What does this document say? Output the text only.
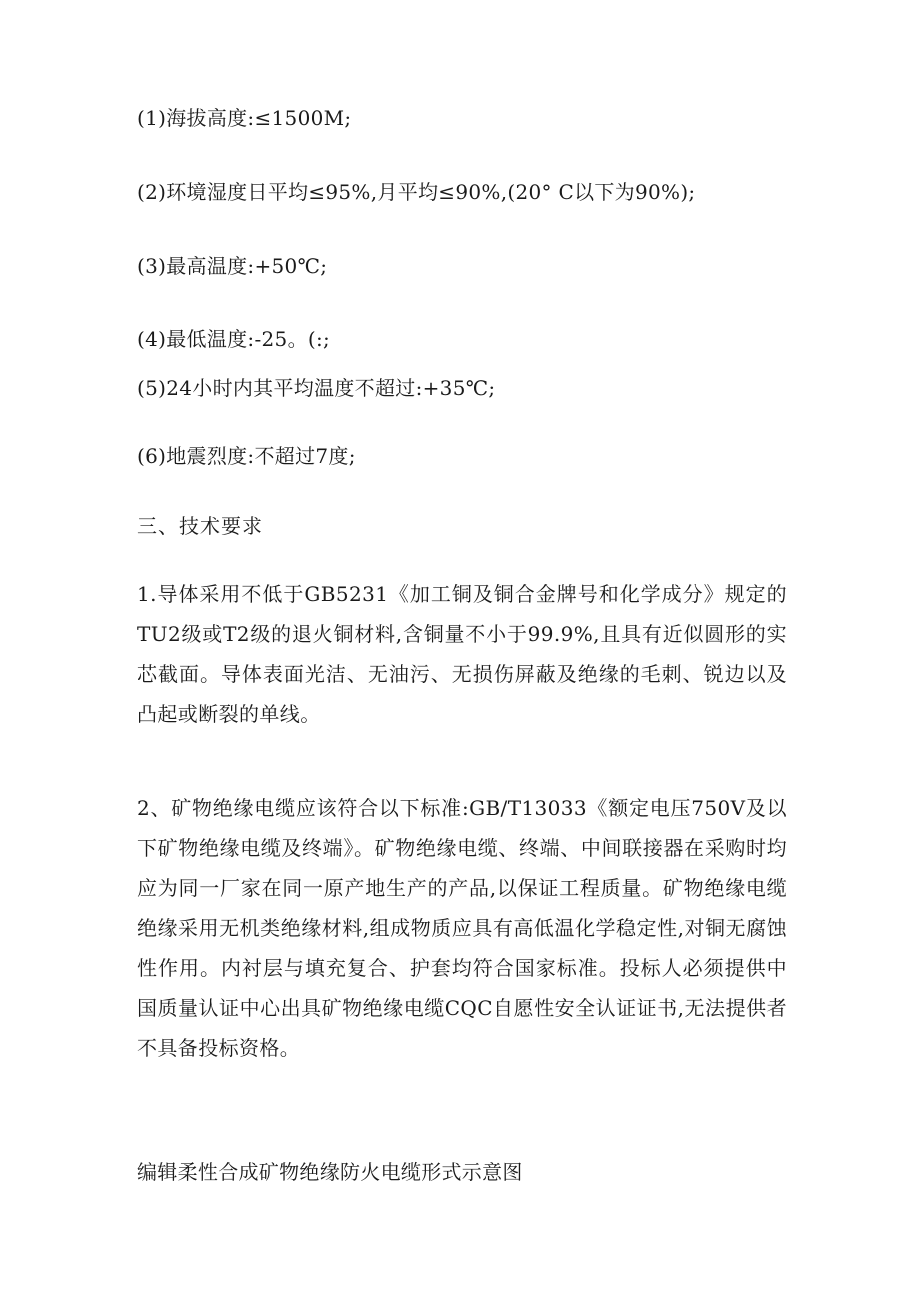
(1)海拔高度:≤1500M;
(2)环境湿度日平均≤95%,月平均≤90%,(20° C以下为90%);
(3)最高温度:+50℃;
(4)最低温度:-25。(:;
(5)24小时内其平均温度不超过:+35℃;
(6)地震烈度:不超过7度;
三、技术要求
1.导体采用不低于GB5231《加工铜及铜合金牌号和化学成分》规定的TU2级或T2级的退火铜材料,含铜量不小于99.9%,且具有近似圆形的实芯截面。导体表面光洁、无油污、无损伤屏蔽及绝缘的毛刺、锐边以及凸起或断裂的单线。
2、矿物绝缘电缆应该符合以下标准:GB/T13033《额定电压750V及以下矿物绝缘电缆及终端》。矿物绝缘电缆、终端、中间联接器在采购时均应为同一厂家在同一原产地生产的产品,以保证工程质量。矿物绝缘电缆绝缘采用无机类绝缘材料,组成物质应具有高低温化学稳定性,对铜无腐蚀性作用。内衬层与填充复合、护套均符合国家标准。投标人必须提供中国质量认证中心出具矿物绝缘电缆CQC自愿性安全认证证书,无法提供者不具备投标资格。
编辑柔性合成矿物绝缘防火电缆形式示意图
